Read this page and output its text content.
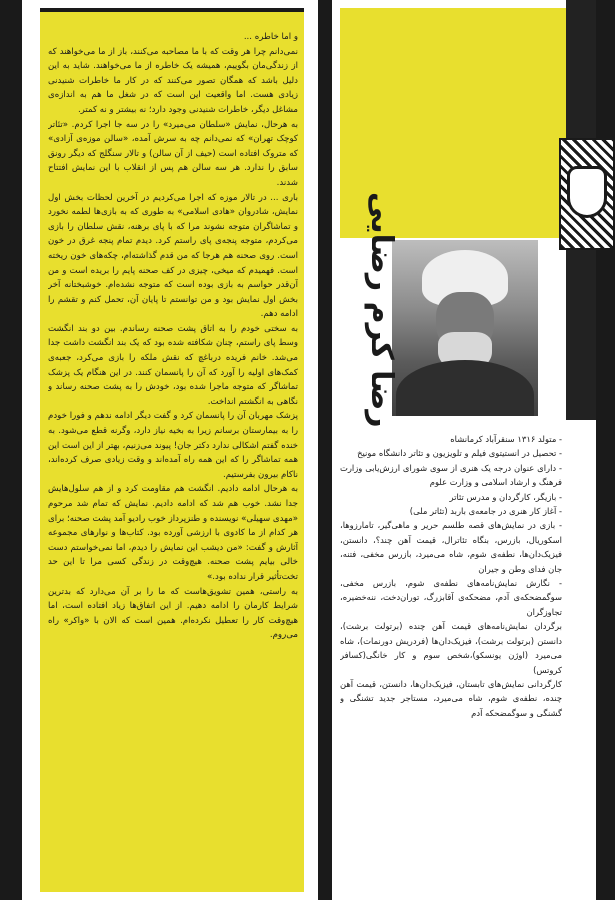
و اما خاطره ...

نمی‌دانم چرا هر وقت که با ما مصاحبه می‌کنند، باز از ما می‌خواهند که از زندگی‌مان بگوییم، همیشه یک خاطره از ما می‌خواهند. شاید به این دلیل باشد که همگان تصور می‌کنند که در کار ما خاطرات شنیدنی زیادی هست. اما واقعیت این است که در شغل ما هم به اندازه‌ی مشاغل دیگر، خاطرات شنیدنی وجود دارد؛ نه بیشتر و نه کمتر.

به هرحال، نمایش «سلطان می‌میرد» را در سه جا اجرا کردم. «تئاتر کوچک تهران» که نمی‌دانم چه به سرش آمده، «سالن موزه‌ی آزادی» که متروک افتاده است (حیف از آن سالن) و تالار سنگلج که دیگر رونق سابق را ندارد. هر سه سالن هم پس از انقلاب با این نمایش افتتاح شدند.

باری ... در تالار موزه که اجرا می‌کردیم در آخرین لحظات بخش اول نمایش، شادروان «هادی اسلامی» به طوری که به بازی‌ها لطمه نخورد و تماشاگران متوجه نشوند مرا که با پای برهنه، نقش سلطان را بازی می‌کردم، متوجه پنجه‌ی پای راستم کرد. دیدم تمام پنجه غرق در خون است. روی صحنه هم هرجا که من قدم گذاشته‌ام، چکه‌های خون ریخته است. فهمیدم که میخی، چیزی در کف صحنه پایم را بریده است و من آن‌قدر حواسم به بازی بوده است که متوجه نشده‌ام. خوشبختانه آخر بخش اول نمایش بود و من توانستم تا پایان آن، تحمل کنم و تقشم را ادامه دهم.

به سختی خودم را به اتاق پشت صحنه رساندم. بین دو بند انگشت وسط پای راستم، چنان شکافته شده بود که یک بند انگشت داشت جدا می‌شد. خانم فریده درباغچ که نقش ملکه را بازی می‌کرد، جعبه‌ی کمک‌های اولیه را آورد که آن را پانسمان کنند. در این هنگام یک پزشک تماشاگر که متوجه ماجرا شده بود، خودش را به پشت صحنه رساند و نگاهی به انگشتم انداخت.

پزشک مهربان آن را پانسمان کرد و گفت دیگر ادامه ندهم و فورا خودم را به بیمارستان برسانم زیرا به بخیه نیاز دارد، وگرنه قطع می‌شود. به خنده گفتم اشکالی ندارد دکتر جان! پیوند می‌زنیم، بهتر از این است این همه تماشاگر را که این همه راه آمده‌اند و وقت زیادی صرف کرده‌اند، ناکام بیرون بفرستیم.

به هرحال ادامه دادیم. انگشت هم مقاومت کرد و از هم سلول‌هایش جدا نشد. خوب هم شد که ادامه دادیم. نمایش که تمام شد مرحوم «مهدی سهیلی» نویسنده و طنزپرداز خوب رادیو آمد پشت صحنه؛ برای هر کدام از ما کادوی با ارزشی آورده بود. کتاب‌ها و نوارهای مجموعه آثارش و گفت: «من دیشب این نمایش را دیدم، اما نمی‌خواستم دست خالی بیایم پشت صحنه. هیچ‌وقت در زندگی کسی مرا تا این حد تخت‌تأثیر قرار نداده بود.»

به راستی، همین تشویق‌هاست که ما را بر آن می‌دارد که بدترین شرایط کارمان را ادامه دهیم. از این اتفاق‌ها زیاد افتاده است، اما هیچ‌وقت کار را تعطیل نکرده‌ام. همین است که الان با «واکر» راه می‌روم.

رضا کرم رضایی

- متولد ۱۳۱۶ سنقرآباد کرمانشاه

- تحصیل در انستیتوی فیلم و تلویزیون و تئاتر دانشگاه مونیخ

- دارای عنوان درجه یک هنری از سوی شورای ارزش‌یابی وزارت فرهنگ و ارشاد اسلامی و وزارت علوم

- بازیگر، کارگردان و مدرس تئاتر

- آغاز کار هنری در جامعه‌ی باربد (تئاتر ملی)

- بازی در نمایش‌های قصه طلسم حریر و ماهی‌گیر، تامارزوها، اسکوریال، بازرس، بنگاه تئاترال، قیمت آهن چند؟، دانستن، فیزیک‌دان‌ها، نطفه‌ی شوم، شاه می‌میرد، بازرس مخفی، فتنه، جان فدای وطن و جیران

- نگارش نمایش‌نامه‌های نطفه‌ی شوم، بازرس مخفی، سوگمضحکه‌ی آدم، مضحکه‌ی آقابزرگ، توران‌دخت، ننه‌خضیره، تجاوزگران

برگردان نمایش‌نامه‌های قیمت آهن چنده (برتولت برشت)، دانستن (برتولت برشت)، فیزیک‌دان‌ها (فردریش دورنمات)، شاه می‌میرد (اوژن یونسکو)،شخص سوم و کار خانگی(کسافر کروتس)

کارگردانی نمایش‌های تابستان، فیزیک‌دان‌ها، دانستن، قیمت آهن چنده، نطفه‌ی شوم، شاه می‌میرد، مستاجر جدید تشنگی و گشنگی و سوگمضحکه آدم
